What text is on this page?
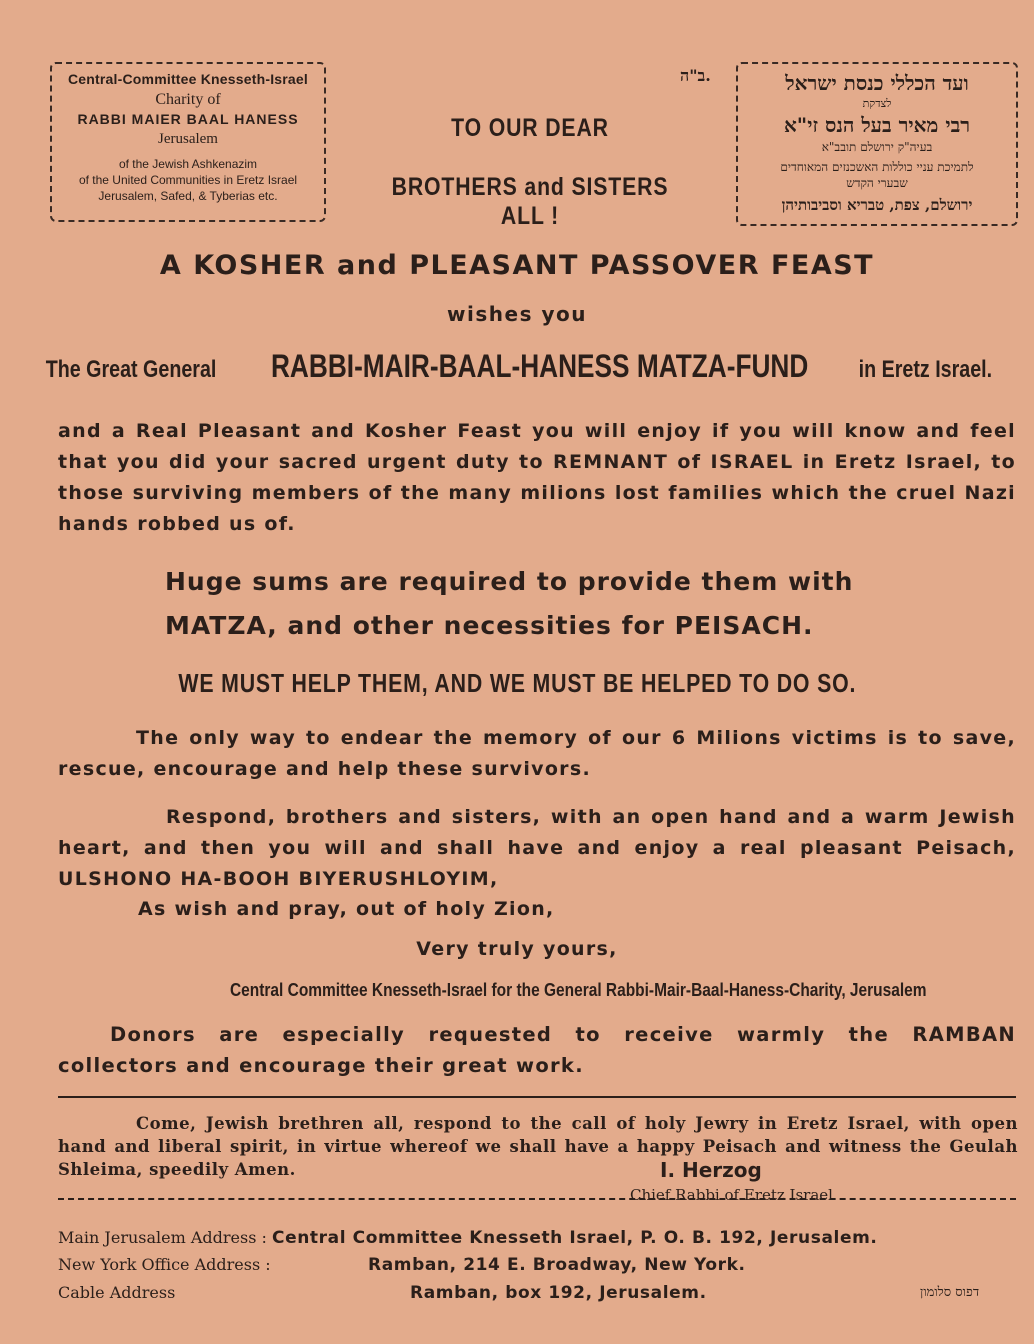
Central-Committee Knesseth-Israel
Charity of
RABBI MAIER BAAL HANESS
Jerusalem
of the Jewish Ashkenazim
of the United Communities in Eretz Israel
Jerusalem, Safed, & Tyberias etc.
TO OUR DEAR
BROTHERS and SISTERS ALL !
ב"ה.	ועד הכללי כנסת ישראל
לצדקת
רבי מאיר בעל הנס זי"א
בעיה"ק ירושלם תובב"א
לתמיכת עניי כוללות האשכנזים המאוחדים
שבערי הקדש
ירושלם, צפת, טבריא וסביבותיהן
A KOSHER and PLEASANT PASSOVER FEAST
wishes you
The Great General RABBI-MAIR-BAAL-HANESS MATZA-FUND in Eretz Israel.
and a Real Pleasant and Kosher Feast you will enjoy if you will know and feel that you did your sacred urgent duty to REMNANT of ISRAEL in Eretz Israel, to those surviving members of the many milions lost families which the cruel Nazi hands robbed us of.
Huge sums are required to provide them with
MATZA, and other necessities for PEISACH.
WE MUST HELP THEM, AND WE MUST BE HELPED TO DO SO.
The only way to endear the memory of our 6 Milions victims is to save, rescue, encourage and help these survivors.
Respond, brothers and sisters, with an open hand and a warm Jewish heart, and then you will and shall have and enjoy a real pleasant Peisach, ULSHONO HA-BOOH BIYERUSHLOYIM,
As wish and pray, out of holy Zion,
Very truly yours,
Central Committee Knesseth-Israel for the General Rabbi-Mair-Baal-Haness-Charity, Jerusalem
Donors are especially requested to receive warmly the RAMBAN collectors and encourage their great work.
Come, Jewish brethren all, respond to the call of holy Jewry in Eretz Israel, with open hand and liberal spirit, in virtue whereof we shall have a happy Peisach and witness the Geulah Shleima, speedily Amen.	I. Herzog
Chief Rabbi of Eretz Israel
Main Jerusalem Address : Central Committee Knesseth Israel, P. O. B. 192, Jerusalem.
New York Office Address :	Ramban, 214 E. Broadway, New York.
Cable Address	Ramban, box 192, Jerusalem.	דפוס סלומון
